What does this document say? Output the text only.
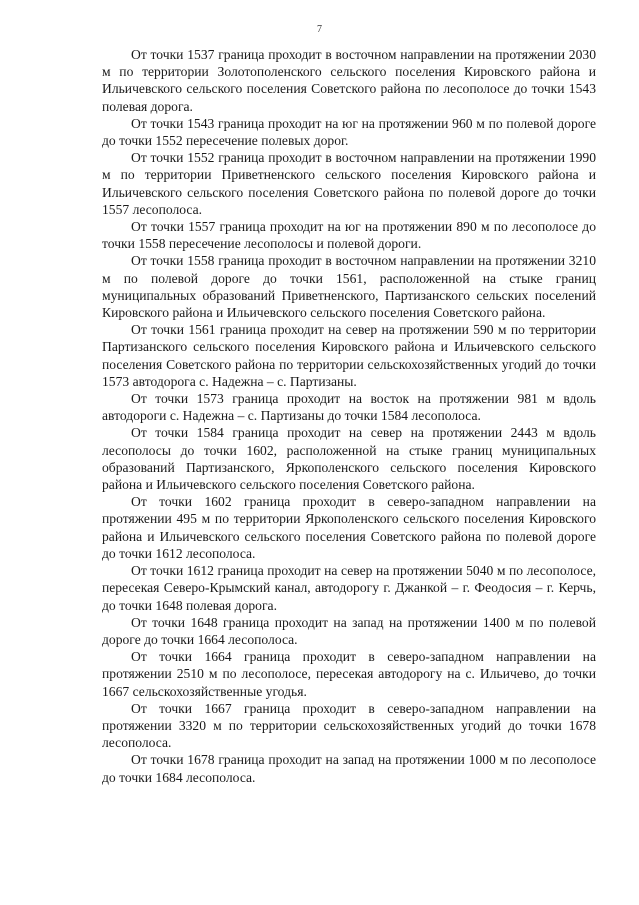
7

От точки 1537 граница проходит в восточном направлении на протяжении 2030 м по территории Золотополенского сельского поселения Кировского района и Ильичевского сельского поселения Советского района по лесополосе до точки 1543 полевая дорога.

От точки 1543 граница проходит на юг на протяжении 960 м по полевой дороге до точки 1552 пересечение полевых дорог.

От точки 1552 граница проходит в восточном направлении на протяжении 1990 м по территории Приветненского сельского поселения Кировского района и Ильичевского сельского поселения Советского района по полевой дороге до точки 1557 лесополоса.

От точки 1557 граница проходит на юг на протяжении 890 м по лесополосе до точки 1558 пересечение лесополосы и полевой дороги.

От точки 1558 граница проходит в восточном направлении на протяжении 3210 м по полевой дороге до точки 1561, расположенной на стыке границ муниципальных образований Приветненского, Партизанского сельских поселений Кировского района и Ильичевского сельского поселения Советского района.

От точки 1561 граница проходит на север на протяжении 590 м по территории Партизанского сельского поселения Кировского района и Ильичевского сельского поселения Советского района по территории сельскохозяйственных угодий до точки 1573 автодорога с. Надежна – с. Партизаны.

От точки 1573 граница проходит на восток на протяжении 981 м вдоль автодороги с. Надежна – с. Партизаны до точки 1584 лесополоса.

От точки 1584 граница проходит на север на протяжении 2443 м вдоль лесополосы до точки 1602, расположенной на стыке границ муниципальных образований Партизанского, Яркополенского сельского поселения Кировского района и Ильичевского сельского поселения Советского района.

От точки 1602 граница проходит в северо-западном направлении на протяжении 495 м по территории Яркополенского сельского поселения Кировского района и Ильичевского сельского поселения Советского района по полевой дороге до точки 1612 лесополоса.

От точки 1612 граница проходит на север на протяжении 5040 м по лесополосе, пересекая Северо-Крымский канал, автодорогу г. Джанкой – г. Феодосия – г. Керчь, до точки 1648 полевая дорога.

От точки 1648 граница проходит на запад на протяжении 1400 м по полевой дороге до точки 1664 лесополоса.

От точки 1664 граница проходит в северо-западном направлении на протяжении 2510 м по лесополосе, пересекая автодорогу на с. Ильичево, до точки 1667 сельскохозяйственные угодья.

От точки 1667 граница проходит в северо-западном направлении на протяжении 3320 м по территории сельскохозяйственных угодий до точки 1678 лесополоса.

От точки 1678 граница проходит на запад на протяжении 1000 м по лесополосе до точки 1684 лесополоса.
